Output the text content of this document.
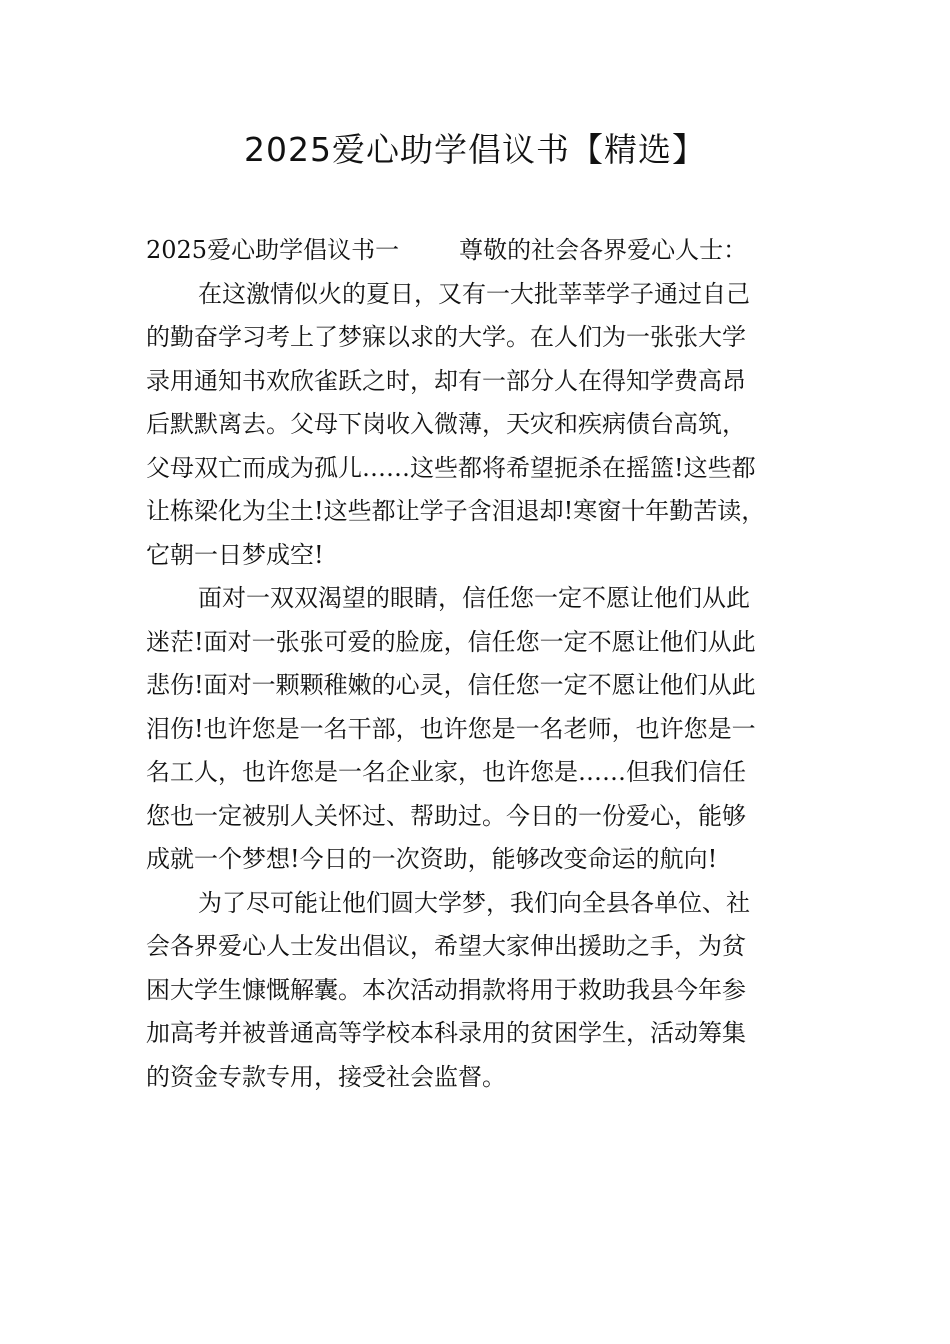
2025爱心助学倡议书【精选】

2025爱心助学倡议书一	尊敬的社会各界爱心人士：

在这激情似火的夏日，又有一大批莘莘学子通过自己
的勤奋学习考上了梦寐以求的大学。在人们为一张张大学
录用通知书欢欣雀跃之时，却有一部分人在得知学费高昂
后默默离去。父母下岗收入微薄，天灾和疾病债台高筑，
父母双亡而成为孤儿……这些都将希望扼杀在摇篮!这些都
让栋梁化为尘土!这些都让学子含泪退却!寒窗十年勤苦读，
它朝一日梦成空!

面对一双双渴望的眼睛，信任您一定不愿让他们从此
迷茫!面对一张张可爱的脸庞，信任您一定不愿让他们从此
悲伤!面对一颗颗稚嫩的心灵，信任您一定不愿让他们从此
泪伤!也许您是一名干部，也许您是一名老师，也许您是一
名工人，也许您是一名企业家，也许您是……但我们信任
您也一定被别人关怀过、帮助过。今日的一份爱心，能够
成就一个梦想!今日的一次资助，能够改变命运的航向!

为了尽可能让他们圆大学梦，我们向全县各单位、社
会各界爱心人士发出倡议，希望大家伸出援助之手，为贫
困大学生慷慨解囊。本次活动捐款将用于救助我县今年参
加高考并被普通高等学校本科录用的贫困学生，活动筹集
的资金专款专用，接受社会监督。
